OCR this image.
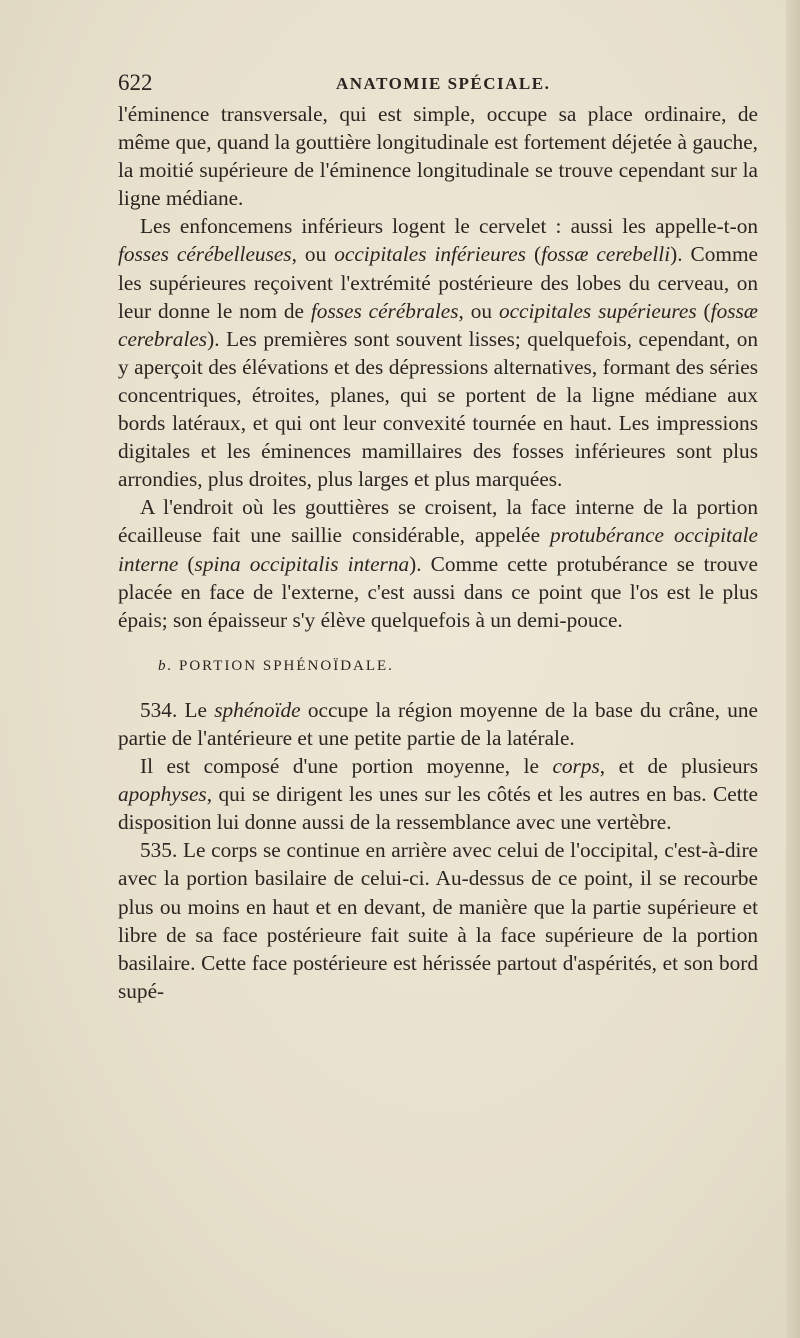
622	ANATOMIE SPÉCIALE.

l'éminence transversale, qui est simple, occupe sa place ordinaire, de même que, quand la gouttière longitudinale est fortement déjetée à gauche, la moitié supérieure de l'éminence longitudinale se trouve cependant sur la ligne médiane.

Les enfoncemens inférieurs logent le cervelet : aussi les appelle-t-on fosses cérébelleuses, ou occipitales inférieures (fossæ cerebelli). Comme les supérieures reçoivent l'extrémité postérieure des lobes du cerveau, on leur donne le nom de fosses cérébrales, ou occipitales supérieures (fossæ cerebrales). Les premières sont souvent lisses; quelquefois, cependant, on y aperçoit des élévations et des dépressions alternatives, formant des séries concentriques, étroites, planes, qui se portent de la ligne médiane aux bords latéraux, et qui ont leur convexité tournée en haut. Les impressions digitales et les éminences mamillaires des fosses inférieures sont plus arrondies, plus droites, plus larges et plus marquées.

A l'endroit où les gouttières se croisent, la face interne de la portion écailleuse fait une saillie considérable, appelée protubérance occipitale interne (spina occipitalis interna). Comme cette protubérance se trouve placée en face de l'externe, c'est aussi dans ce point que l'os est le plus épais; son épaisseur s'y élève quelquefois à un demi-pouce.

b. PORTION SPHÉNOÏDALE.

534. Le sphénoïde occupe la région moyenne de la base du crâne, une partie de l'antérieure et une petite partie de la latérale.

Il est composé d'une portion moyenne, le corps, et de plusieurs apophyses, qui se dirigent les unes sur les côtés et les autres en bas. Cette disposition lui donne aussi de la ressemblance avec une vertèbre.

535. Le corps se continue en arrière avec celui de l'occipital, c'est-à-dire avec la portion basilaire de celui-ci. Au-dessus de ce point, il se recourbe plus ou moins en haut et en devant, de manière que la partie supérieure et libre de sa face postérieure fait suite à la face supérieure de la portion basilaire. Cette face postérieure est hérissée partout d'aspérités, et son bord supé-
